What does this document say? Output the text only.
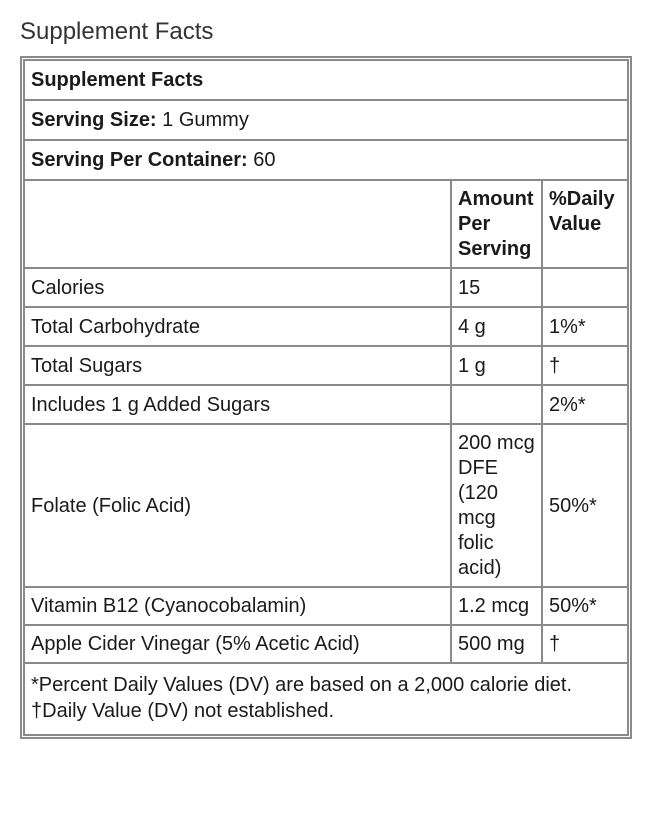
Supplement Facts
Supplement Facts		
Serving Size: 1 Gummy		
Serving Per Container: 60		
	Amount Per Serving	%Daily Value
Calories	15	
Total Carbohydrate	4 g	1%*
Total Sugars	1 g	†
Includes 1 g Added Sugars		2%*
Folate (Folic Acid)	200 mcg DFE (120 mcg folic acid)	50%*
Vitamin B12 (Cyanocobalamin)	1.2 mcg	50%*
Apple Cider Vinegar (5% Acetic Acid)	500 mg	†

*Percent Daily Values (DV) are based on a 2,000 calorie diet.
†Daily Value (DV) not established.		
